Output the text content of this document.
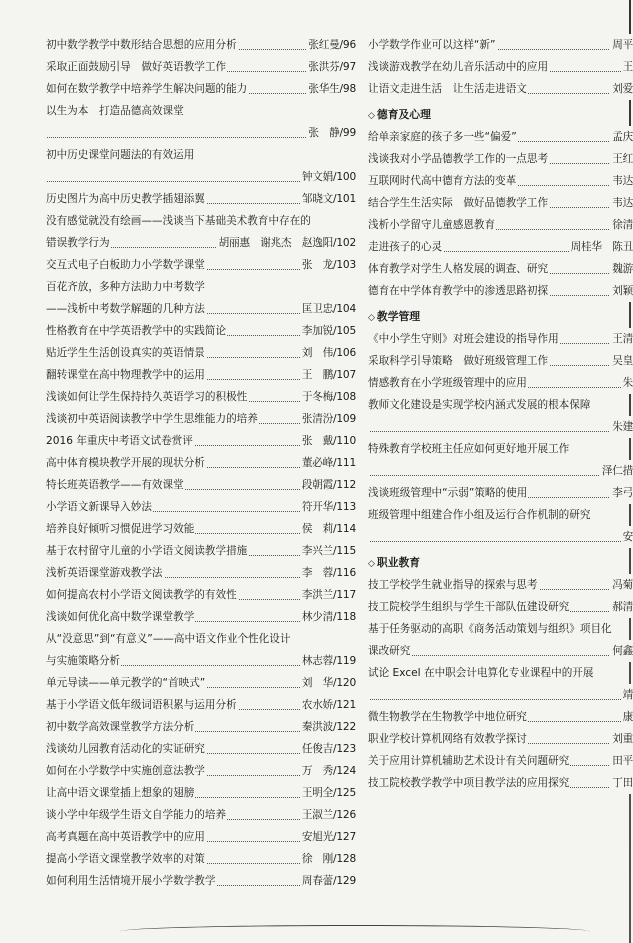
初中数学教学中数形结合思想的应用分析	张红曼/96
采取正面鼓励引导　做好英语教学工作	张洪芬/97
如何在数学教学中培养学生解决问题的能力	张华生/98
以生为本　打造品德高效课堂
张　静/99
初中历史课堂问题法的有效运用
钟文娟/100
历史图片为高中历史教学插翅添翼	邹晓文/101
没有感觉就没有绘画——浅谈当下基础美术教育中存在的
错误教学行为	胡丽惠　谢兆杰　赵逸阳/102
交互式电子白板助力小学数学课堂	张　龙/103
百花齐放，多种方法助力中考数学
——浅析中考数学解题的几种方法	匡卫忠/104
性格教育在中学英语教学中的实践简论	李加锐/105
贴近学生生活创设真实的英语情景	刘　伟/106
翻转课堂在高中物理教学中的运用	王　鹏/107
浅谈如何让学生保持持久英语学习的积极性	于冬梅/108
浅谈初中英语阅读教学中学生思维能力的培养	张清汾/109
2016 年重庆中考语文试卷赏评	张　戴/110
高中体育模块教学开展的现状分析	董必峰/111
特长班英语教学——有效课堂	段朝霞/112
小学语文新课导入妙法	符开华/113
培养良好倾听习惯促进学习效能	侯　莉/114
基于农村留守儿童的小学语文阅读教学措施	李兴兰/115
浅析英语课堂游戏教学法	李　蓉/116
如何提高农村小学语文阅读教学的有效性	李洪兰/117
浅谈如何优化高中数学课堂教学	林少清/118
从“没意思”到“有意义”——高中语文作业个性化设计
与实施策略分析	林志蓉/119
单元导读——单元教学的“首映式”	刘　华/120
基于小学语文低年级词语积累与运用分析	农水娇/121
初中数学高效课堂教学方法分析	秦洪波/122
浅谈幼儿园教育活动化的实证研究	任俊吉/123
如何在小学数学中实施创意法教学	万　秀/124
让高中语文课堂插上想象的翅膀	王明全/125
谈小学中年级学生语文自学能力的培养	王淑兰/126
高考真题在高中英语教学中的应用	安旭光/127
提高小学语文课堂教学效率的对策	徐　刚/128
如何利用生活情境开展小学数学教学	周春蕾/129
小学数学作业可以这样“新”	周平
浅谈游戏教学在幼儿音乐活动中的应用	王
让语文走进生活　让生活走进语文	刘爱
◇ 德育及心理
给单亲家庭的孩子多一些“偏爱”	孟庆
浅谈我对小学品德教学工作的一点思考	王红
互联网时代高中德育方法的变革	韦达
结合学生生活实际　做好品德教学工作	韦达
浅析小学留守儿童感恩教育	徐清
走进孩子的心灵	周桂华　陈丑
体育教学对学生人格发展的调查、研究	魏游
德育在中学体育教学中的渗透思路初探	刘颖
◇ 教学管理
《中小学生守则》对班会建设的指导作用	王清
采取科学引导策略　做好班级管理工作	吴皇
情感教育在小学班级管理中的应用	朱
教师文化建设是实现学校内涵式发展的根本保障
朱建
特殊教育学校班主任应如何更好地开展工作
泽仁措
浅谈班级管理中“示弱”策略的使用	李弓
班级管理中组建合作小组及运行合作机制的研究
安
◇ 职业教育
技工学校学生就业指导的探索与思考	冯菊
技工院校学生组织与学生干部队伍建设研究	郝清
基于任务驱动的高职《商务活动策划与组织》项目化
课改研究	何鑫
试论 Excel 在中职会计电算化专业课程中的开展
靖
微生物教学在生物教学中地位研究	康
职业学校计算机网络有效教学探讨	刘重
关于应用计算机辅助艺术设计有关问题研究	田平
技工院校教学教学中项目教学法的应用探究	丁田
